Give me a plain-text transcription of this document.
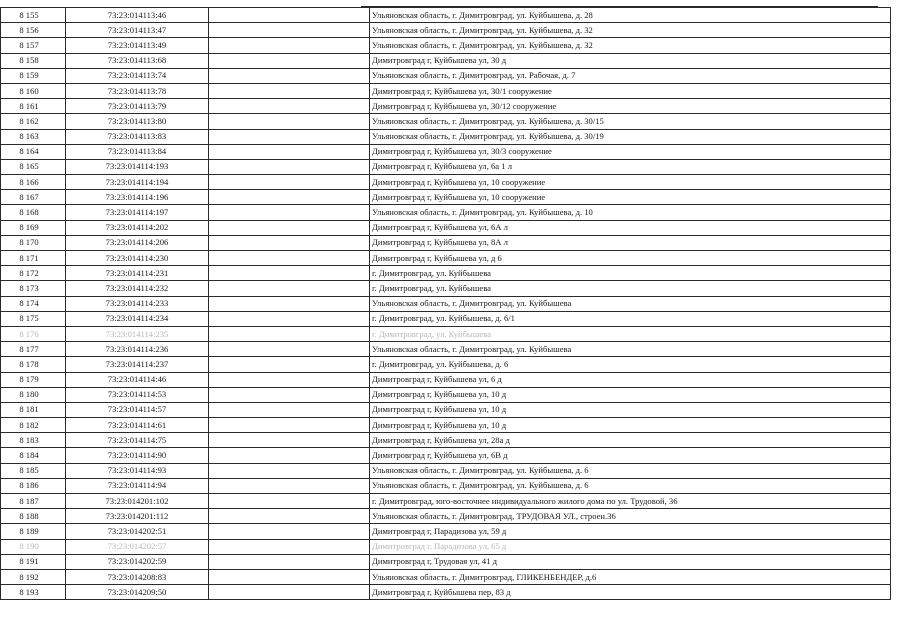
8 155	73:23:014113:46		Ульяновская область, г. Димитровград, ул. Куйбышева, д. 28
8 156	73:23:014113:47		Ульяновская область, г. Димитровград, ул. Куйбышева, д. 32
8 157	73:23:014113:49		Ульяновская область, г. Димитровград, ул. Куйбышева, д. 32
8 158	73:23:014113:68		Димитровград г, Куйбышева ул, 30 д
8 159	73:23:014113:74		Ульяновская область, г. Димитровград, ул. Рабочая, д. 7
8 160	73:23:014113:78		Димитровград г, Куйбышева ул, 30/1 сооружение
8 161	73:23:014113:79		Димитровград г, Куйбышева ул, 30/12 сооружение
8 162	73:23:014113:80		Ульяновская область, г. Димитровград, ул. Куйбышева, д. 30/15
8 163	73:23:014113:83		Ульяновская область, г. Димитровград, ул. Куйбышева, д. 30/19
8 164	73:23:014113:84		Димитровград г, Куйбышева ул, 30/3 сооружение
8 165	73:23:014114:193		Димитровград г, Куйбышева ул, 6а 1 л
8 166	73:23:014114:194		Димитровград г, Куйбышева ул, 10 сооружение
8 167	73:23:014114:196		Димитровград г, Куйбышева ул, 10 сооружение
8 168	73:23:014114:197		Ульяновская область, г. Димитровград, ул. Куйбышева, д. 10
8 169	73:23:014114:202		Димитровград г, Куйбышева ул, 6А л
8 170	73:23:014114:206		Димитровград г, Куйбышева ул, 8А л
8 171	73:23:014114:230		Димитровград г, Куйбышева ул, д 6
8 172	73:23:014114:231		г. Димитровград, ул. Куйбышева
8 173	73:23:014114:232		г. Димитровград, ул. Куйбышева
8 174	73:23:014114:233		Ульяновская область, г. Димитровград, ул. Куйбышева
8 175	73:23:014114:234		г. Димитровград, ул. Куйбышева, д. 6/1
8 176	73:23:014114:235		г. Димитровград, ул. Куйбышева
8 177	73:23:014114:236		Ульяновская область, г. Димитровград, ул. Куйбышева
8 178	73:23:014114:237		г. Димитровград, ул. Куйбышева, д. 6
8 179	73:23:014114:46		Димитровград г, Куйбышева ул, 6 д
8 180	73:23:014114:53		Димитровград г, Куйбышева ул, 10 д
8 181	73:23:014114:57		Димитровград г, Куйбышева ул, 10 д
8 182	73:23:014114:61		Димитровград г, Куйбышева ул, 10 д
8 183	73:23:014114:75		Димитровград г, Куйбышева ул, 28а д
8 184	73:23:014114:90		Димитровград г, Куйбышева ул, 6В д
8 185	73:23:014114:93		Ульяновская область, г. Димитровград, ул. Куйбышева, д. 6
8 186	73:23:014114:94		Ульяновская область, г. Димитровград, ул. Куйбышева, д. 6
8 187	73:23:014201:102		г. Димитровград, юго-восточнее индивидуального жилого дома по ул. Трудовой, 36
8 188	73:23:014201:112		Ульяновская область, г. Димитровград, ТРУДОВАЯ УЛ., строен.36
8 189	73:23:014202:51		Димитровград г, Парадизова ул, 59 д
8 190	73:23:014202:57		Димитровград г, Парадизова ул, 65 д
8 191	73:23:014202:59		Димитровград г, Трудовая ул, 41 д
8 192	73:23:014208:83		Ульяновская область, г. Димитровград, ГЛИКЕНБЕНДЕР, д.6
8 193	73:23:014209:50		Димитровград г, Куйбышева пер, 83 д
